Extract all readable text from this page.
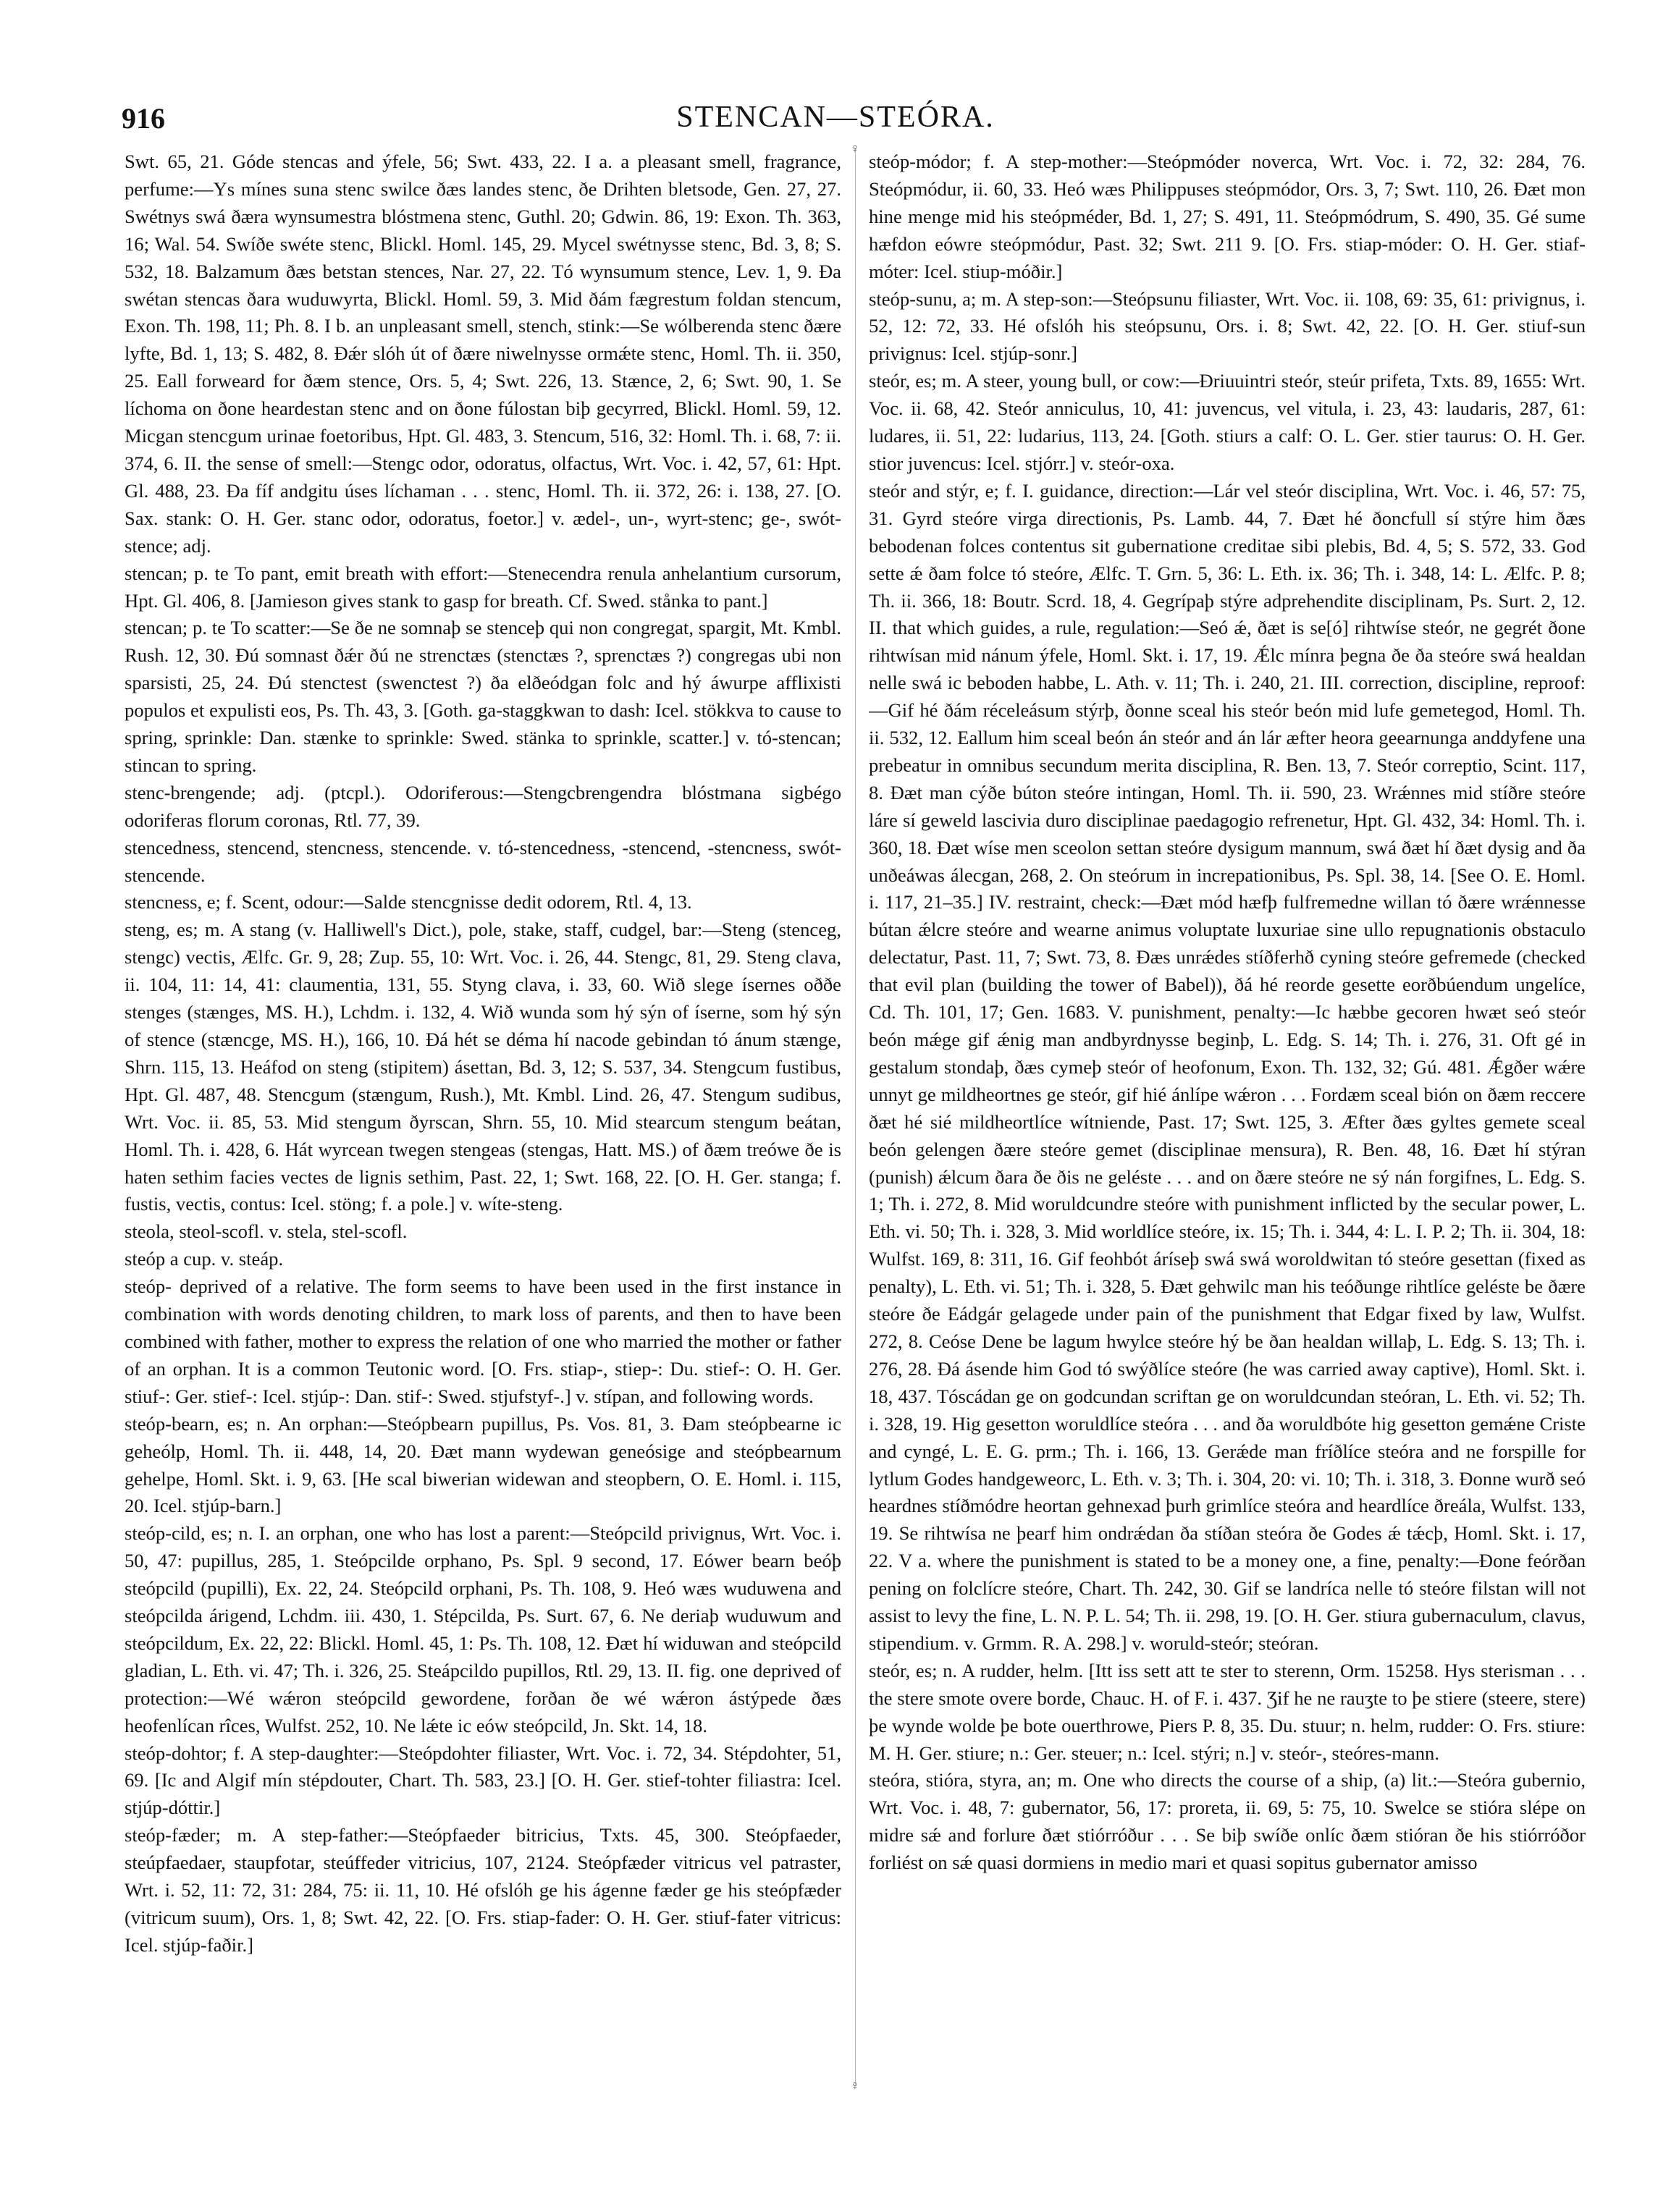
916	STENCAN—STEÓRA.
♀
♀

Swt. 65, 21. Góde stencas and ýfele, 56; Swt. 433, 22. I a. a pleasant smell, fragrance, perfume:—Ys mínes suna stenc swilce ðæs landes stenc, ðe Drihten bletsode, Gen. 27, 27. Swétnys swá ðæra wynsumestra blóstmena stenc, Guthl. 20; Gdwin. 86, 19: Exon. Th. 363, 16; Wal. 54. Swíðe swéte stenc, Blickl. Homl. 145, 29. Mycel swétnysse stenc, Bd. 3, 8; S. 532, 18. Balzamum ðæs betstan stences, Nar. 27, 22. Tó wynsumum stence, Lev. 1, 9. Ða swétan stencas ðara wuduwyrta, Blickl. Homl. 59, 3. Mid ðám fægrestum foldan stencum, Exon. Th. 198, 11; Ph. 8. I b. an unpleasant smell, stench, stink:—Se wólberenda stenc ðære lyfte, Bd. 1, 13; S. 482, 8. Ðǽr slóh út of ðære niwelnysse ormǽte stenc, Homl. Th. ii. 350, 25. Eall forweard for ðæm stence, Ors. 5, 4; Swt. 226, 13. Stænce, 2, 6; Swt. 90, 1. Se líchoma on ðone heardestan stenc and on ðone fúlostan biþ gecyrred, Blickl. Homl. 59, 12. Micgan stencgum urinae foetoribus, Hpt. Gl. 483, 3. Stencum, 516, 32: Homl. Th. i. 68, 7: ii. 374, 6. II. the sense of smell:—Stengc odor, odoratus, olfactus, Wrt. Voc. i. 42, 57, 61: Hpt. Gl. 488, 23. Ða fíf andgitu úses líchaman . . . stenc, Homl. Th. ii. 372, 26: i. 138, 27. [O. Sax. stank: O. H. Ger. stanc odor, odoratus, foetor.] v. ædel-, un-, wyrt-stenc; ge-, swót-stence; adj.

stencan; p. te To pant, emit breath with effort:—Stenecendra renula anhelantium cursorum, Hpt. Gl. 406, 8. [Jamieson gives stank to gasp for breath. Cf. Swed. stånka to pant.]

stencan; p. te To scatter:—Se ðe ne somnaþ se stenceþ qui non congregat, spargit, Mt. Kmbl. Rush. 12, 30. Ðú somnast ðǽr ðú ne strenctæs (stenctæs ?, sprenctæs ?) congregas ubi non sparsisti, 25, 24. Ðú stenctest (swenctest ?) ða elðeódgan folc and hý áwurpe afflixisti populos et expulisti eos, Ps. Th. 43, 3. [Goth. ga-staggkwan to dash: Icel. stökkva to cause to spring, sprinkle: Dan. stænke to sprinkle: Swed. stänka to sprinkle, scatter.] v. tó-stencan; stincan to spring.

stenc-brengende; adj. (ptcpl.). Odoriferous:—Stengcbrengendra blóstmana sigbégo odoriferas florum coronas, Rtl. 77, 39.

stencedness, stencend, stencness, stencende. v. tó-stencedness, -stencend, -stencness, swót-stencende.

stencness, e; f. Scent, odour:—Salde stencgnisse dedit odorem, Rtl. 4, 13.

steng, es; m. A stang (v. Halliwell's Dict.), pole, stake, staff, cudgel, bar:—Steng (stenceg, stengc) vectis, Ælfc. Gr. 9, 28; Zup. 55, 10: Wrt. Voc. i. 26, 44. Stengc, 81, 29. Steng clava, ii. 104, 11: 14, 41: claumentia, 131, 55. Styng clava, i. 33, 60. Wið slege ísernes oððe stenges (stænges, MS. H.), Lchdm. i. 132, 4. Wið wunda som hý sýn of íserne, som hý sýn of stence (stæncge, MS. H.), 166, 10. Ðá hét se déma hí nacode gebindan tó ánum stænge, Shrn. 115, 13. Heáfod on steng (stipitem) ásettan, Bd. 3, 12; S. 537, 34. Stengcum fustibus, Hpt. Gl. 487, 48. Stencgum (stængum, Rush.), Mt. Kmbl. Lind. 26, 47. Stengum sudibus, Wrt. Voc. ii. 85, 53. Mid stengum ðyrscan, Shrn. 55, 10. Mid stearcum stengum beátan, Homl. Th. i. 428, 6. Hát wyrcean twegen stengeas (stengas, Hatt. MS.) of ðæm treówe ðe is haten sethim facies vectes de lignis sethim, Past. 22, 1; Swt. 168, 22. [O. H. Ger. stanga; f. fustis, vectis, contus: Icel. stöng; f. a pole.] v. wíte-steng.

steola, steol-scofl. v. stela, stel-scofl.

steóp a cup. v. steáp.

steóp- deprived of a relative. The form seems to have been used in the first instance in combination with words denoting children, to mark loss of parents, and then to have been combined with father, mother to express the relation of one who married the mother or father of an orphan. It is a common Teutonic word. [O. Frs. stiap-, stiep-: Du. stief-: O. H. Ger. stiuf-: Ger. stief-: Icel. stjúp-: Dan. stif-: Swed. stjufstyf-.] v. stípan, and following words.

steóp-bearn, es; n. An orphan:—Steópbearn pupillus, Ps. Vos. 81, 3. Ðam steópbearne ic geheólp, Homl. Th. ii. 448, 14, 20. Ðæt mann wydewan geneósige and steópbearnum gehelpe, Homl. Skt. i. 9, 63. [He scal biwerian widewan and steopbern, O. E. Homl. i. 115, 20. Icel. stjúp-barn.]

steóp-cild, es; n. I. an orphan, one who has lost a parent:—Steópcild privignus, Wrt. Voc. i. 50, 47: pupillus, 285, 1. Steópcilde orphano, Ps. Spl. 9 second, 17. Eówer bearn beóþ steópcild (pupilli), Ex. 22, 24. Steópcild orphani, Ps. Th. 108, 9. Heó wæs wuduwena and steópcilda árigend, Lchdm. iii. 430, 1. Stépcilda, Ps. Surt. 67, 6. Ne deriaþ wuduwum and steópcildum, Ex. 22, 22: Blickl. Homl. 45, 1: Ps. Th. 108, 12. Ðæt hí widuwan and steópcild gladian, L. Eth. vi. 47; Th. i. 326, 25. Steápcildo pupillos, Rtl. 29, 13. II. fig. one deprived of protection:—Wé wǽron steópcild gewordene, forðan ðe wé wǽron ástýpede ðæs heofenlícan rîces, Wulfst. 252, 10. Ne lǽte ic eów steópcild, Jn. Skt. 14, 18.

steóp-dohtor; f. A step-daughter:—Steópdohter filiaster, Wrt. Voc. i. 72, 34. Stépdohter, 51, 69. [Ic and Algif mín stépdouter, Chart. Th. 583, 23.] [O. H. Ger. stief-tohter filiastra: Icel. stjúp-dóttir.]

steóp-fæder; m. A step-father:—Steópfaeder bitricius, Txts. 45, 300. Steópfaeder, steúpfaedaer, staupfotar, steúffeder vitricius, 107, 2124. Steópfæder vitricus vel patraster, Wrt. i. 52, 11: 72, 31: 284, 75: ii. 11, 10. Hé ofslóh ge his ágenne fæder ge his steópfæder (vitricum suum), Ors. 1, 8; Swt. 42, 22. [O. Frs. stiap-fader: O. H. Ger. stiuf-fater vitricus: Icel. stjúp-faðir.]

steóp-módor; f. A step-mother:—Steópmóder noverca, Wrt. Voc. i. 72, 32: 284, 76. Steópmódur, ii. 60, 33. Heó wæs Philippuses steópmódor, Ors. 3, 7; Swt. 110, 26. Ðæt mon hine menge mid his steópméder, Bd. 1, 27; S. 491, 11. Steópmódrum, S. 490, 35. Gé sume hæfdon eówre steópmódur, Past. 32; Swt. 211 9. [O. Frs. stiap-móder: O. H. Ger. stiaf-móter: Icel. stiup-móðir.]

steóp-sunu, a; m. A step-son:—Steópsunu filiaster, Wrt. Voc. ii. 108, 69: 35, 61: privignus, i. 52, 12: 72, 33. Hé ofslóh his steópsunu, Ors. i. 8; Swt. 42, 22. [O. H. Ger. stiuf-sun privignus: Icel. stjúp-sonr.]

steór, es; m. A steer, young bull, or cow:—Ðriuuintri steór, steúr prifeta, Txts. 89, 1655: Wrt. Voc. ii. 68, 42. Steór anniculus, 10, 41: juvencus, vel vitula, i. 23, 43: laudaris, 287, 61: ludares, ii. 51, 22: ludarius, 113, 24. [Goth. stiurs a calf: O. L. Ger. stier taurus: O. H. Ger. stior juvencus: Icel. stjórr.] v. steór-oxa.

steór and stýr, e; f. I. guidance, direction:—Lár vel steór disciplina, Wrt. Voc. i. 46, 57: 75, 31. Gyrd steóre virga directionis, Ps. Lamb. 44, 7. Ðæt hé ðoncfull sí stýre him ðæs bebodenan folces contentus sit gubernatione creditae sibi plebis, Bd. 4, 5; S. 572, 33. God sette ǽ ðam folce tó steóre, Ælfc. T. Grn. 5, 36: L. Eth. ix. 36; Th. i. 348, 14: L. Ælfc. P. 8; Th. ii. 366, 18: Boutr. Scrd. 18, 4. Gegrípaþ stýre adprehendite disciplinam, Ps. Surt. 2, 12. II. that which guides, a rule, regulation:—Seó ǽ, ðæt is se[ó] rihtwíse steór, ne gegrét ðone rihtwísan mid nánum ýfele, Homl. Skt. i. 17, 19. Ǽlc mínra þegna ðe ða steóre swá healdan nelle swá ic beboden habbe, L. Ath. v. 11; Th. i. 240, 21. III. correction, discipline, reproof:—Gif hé ðám réceleásum stýrþ, ðonne sceal his steór beón mid lufe gemetegod, Homl. Th. ii. 532, 12. Eallum him sceal beón án steór and án lár æfter heora geearnunga anddyfene una prebeatur in omnibus secundum merita disciplina, R. Ben. 13, 7. Steór correptio, Scint. 117, 8. Ðæt man cýðe búton steóre intingan, Homl. Th. ii. 590, 23. Wrǽnnes mid stíðre steóre láre sí geweld lascivia duro disciplinae paedagogio refrenetur, Hpt. Gl. 432, 34: Homl. Th. i. 360, 18. Ðæt wíse men sceolon settan steóre dysigum mannum, swá ðæt hí ðæt dysig and ða unðeáwas álecgan, 268, 2. On steórum in increpationibus, Ps. Spl. 38, 14. [See O. E. Homl. i. 117, 21–35.] IV. restraint, check:—Ðæt mód hæfþ fulfremedne willan tó ðære wrǽnnesse bútan ǽlcre steóre and wearne animus voluptate luxuriae sine ullo repugnationis obstaculo delectatur, Past. 11, 7; Swt. 73, 8. Ðæs unrǽdes stíðferhð cyning steóre gefremede (checked that evil plan (building the tower of Babel)), ðá hé reorde gesette eorðbúendum ungelíce, Cd. Th. 101, 17; Gen. 1683. V. punishment, penalty:—Ic hæbbe gecoren hwæt seó steór beón mǽge gif ǽnig man andbyrdnysse beginþ, L. Edg. S. 14; Th. i. 276, 31. Oft gé in gestalum stondaþ, ðæs cymeþ steór of heofonum, Exon. Th. 132, 32; Gú. 481. Ǽgðer wǽre unnyt ge mildheortnes ge steór, gif hié ánlípe wǽron . . . Fordæm sceal bión on ðæm reccere ðæt hé sié mildheortlíce wítniende, Past. 17; Swt. 125, 3. Æfter ðæs gyltes gemete sceal beón gelengen ðære steóre gemet (disciplinae mensura), R. Ben. 48, 16. Ðæt hí stýran (punish) ǽlcum ðara ðe ðis ne geléste . . . and on ðære steóre ne sý nán forgifnes, L. Edg. S. 1; Th. i. 272, 8. Mid woruldcundre steóre with punishment inflicted by the secular power, L. Eth. vi. 50; Th. i. 328, 3. Mid worldlíce steóre, ix. 15; Th. i. 344, 4: L. I. P. 2; Th. ii. 304, 18: Wulfst. 169, 8: 311, 16. Gif feohbót árísеþ swá swá woroldwitan tó steóre gesettan (fixed as penalty), L. Eth. vi. 51; Th. i. 328, 5. Ðæt gehwilc man his teóðunge rihtlíce geléste be ðære steóre ðe Eádgár gelagede under pain of the punishment that Edgar fixed by law, Wulfst. 272, 8. Ceóse Dene be lagum hwylce steóre hý be ðan healdan willaþ, L. Edg. S. 13; Th. i. 276, 28. Ðá ásende him God tó swýðlíce steóre (he was carried away captive), Homl. Skt. i. 18, 437. Tóscádan ge on godcundan scriftan ge on woruldcundan steóran, L. Eth. vi. 52; Th. i. 328, 19. Hig gesetton woruldlíce steóra . . . and ða woruldbóte hig gesetton gemǽne Criste and cyngé, L. E. G. prm.; Th. i. 166, 13. Gerǽde man fríðlíce steóra and ne forspille for lytlum Godes handgeweorc, L. Eth. v. 3; Th. i. 304, 20: vi. 10; Th. i. 318, 3. Ðonne wurð seó heardnes stíðmódre heortan gehnexad þurh grimlíce steóra and heardlíce ðreála, Wulfst. 133, 19. Se rihtwísa ne þearf him ondrǽdan ða stíðan steóra ðe Godes ǽ tǽcþ, Homl. Skt. i. 17, 22. V a. where the punishment is stated to be a money one, a fine, penalty:—Ðone feórðan pening on folclícre steóre, Chart. Th. 242, 30. Gif se landríca nelle tó steóre filstan will not assist to levy the fine, L. N. P. L. 54; Th. ii. 298, 19. [O. H. Ger. stiura gubernaculum, clavus, stipendium. v. Grmm. R. A. 298.] v. woruld-steór; steóran.

steór, es; n. A rudder, helm. [Itt iss sett att te ster to sterenn, Orm. 15258. Hys sterisman . . . the stere smote overe borde, Chauc. H. of F. i. 437. Ʒif he ne rauʒte to þe stiere (steere, stere) þe wynde wolde þe bote ouerthrowe, Piers P. 8, 35. Du. stuur; n. helm, rudder: O. Frs. stiure: M. H. Ger. stiure; n.: Ger. steuer; n.: Icel. stýri; n.] v. steór-, steóres-mann.

steóra, stióra, styra, an; m. One who directs the course of a ship, (a) lit.:—Steóra gubernio, Wrt. Voc. i. 48, 7: gubernator, 56, 17: proreta, ii. 69, 5: 75, 10. Swelce se stióra slépe on midre sǽ and forlure ðæt stiórróður . . . Se biþ swíðe onlíc ðæm stióran ðe his stiórróðor forliést on sǽ quasi dormiens in medio mari et quasi sopitus gubernator amisso
